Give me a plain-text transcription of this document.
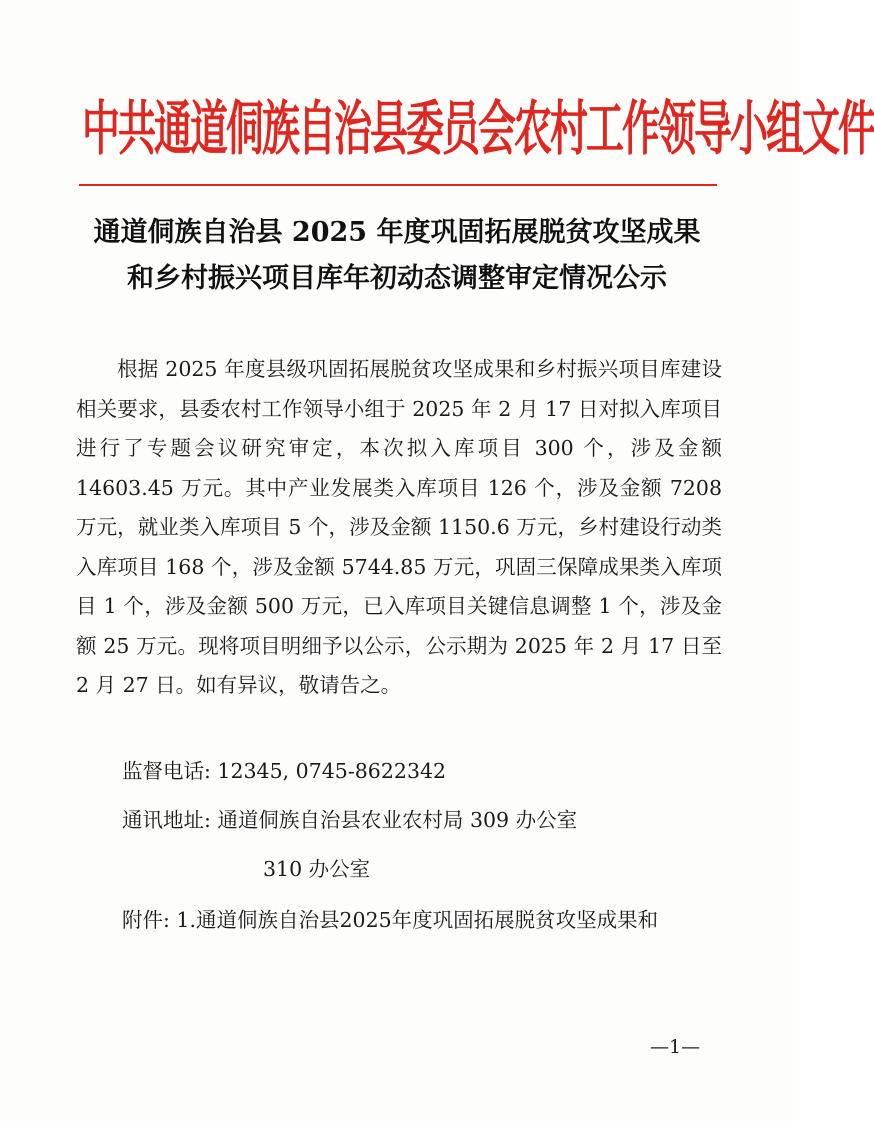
中共通道侗族自治县委员会农村工作领导小组文件
通道侗族自治县 2025 年度巩固拓展脱贫攻坚成果
和乡村振兴项目库年初动态调整审定情况公示

根据 2025 年度县级巩固拓展脱贫攻坚成果和乡村振兴项目库建设相关要求，县委农村工作领导小组于 2025 年 2 月 17 日对拟入库项目进行了专题会议研究审定，本次拟入库项目 300 个，涉及金额 14603.45 万元。其中产业发展类入库项目 126 个，涉及金额 7208 万元，就业类入库项目 5 个，涉及金额 1150.6 万元，乡村建设行动类入库项目 168 个，涉及金额 5744.85 万元，巩固三保障成果类入库项目 1 个，涉及金额 500 万元，已入库项目关键信息调整 1 个，涉及金额 25 万元。现将项目明细予以公示，公示期为 2025 年 2 月 17 日至 2 月 27 日。如有异议，敬请告之。

监督电话: 12345, 0745-8622342
通讯地址: 通道侗族自治县农业农村局 309 办公室
310 办公室
附件: 1.通道侗族自治县2025年度巩固拓展脱贫攻坚成果和
—1—
